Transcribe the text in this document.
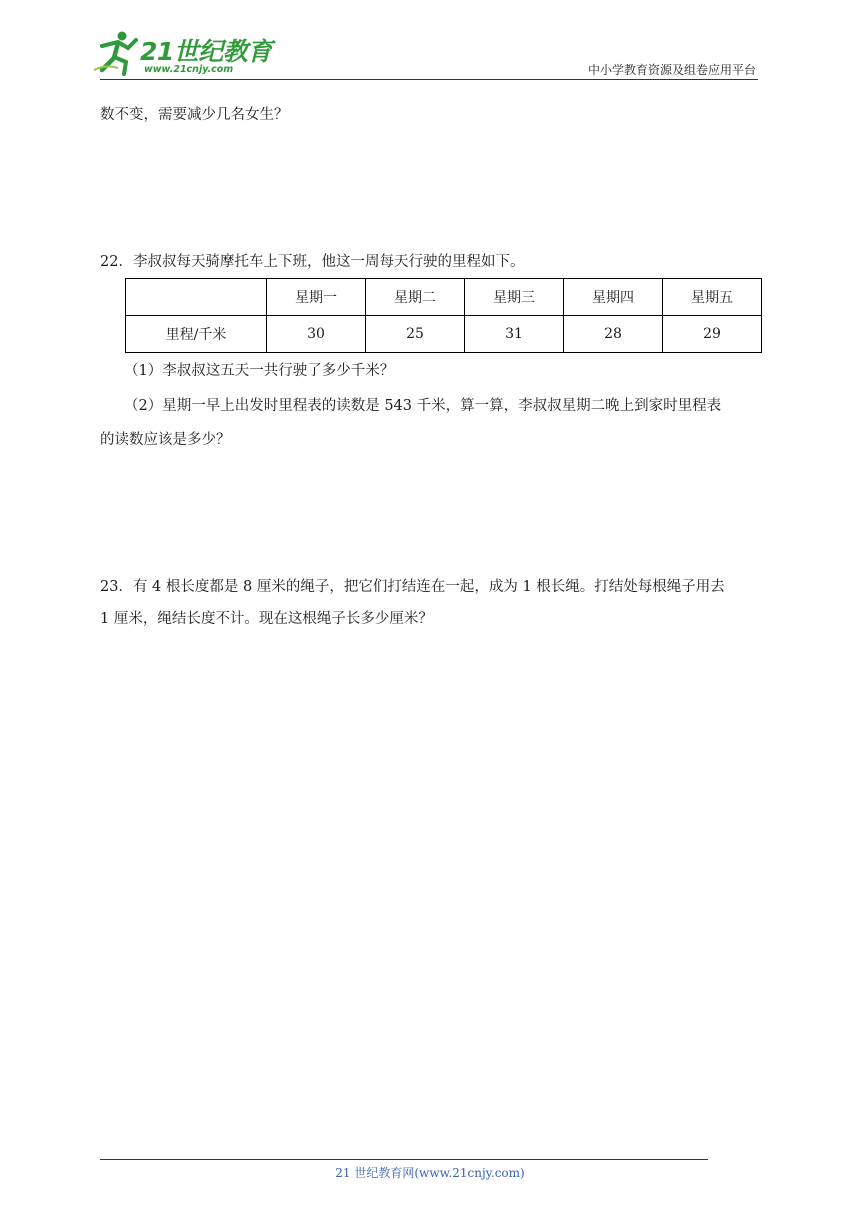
21世纪教育
www.21cnjy.com	中小学教育资源及组卷应用平台
数不变，需要减少几名女生？
22．李叔叔每天骑摩托车上下班，他这一周每天行驶的里程如下。
	星期一	星期二	星期三	星期四	星期五
里程/千米	30	25	31	28	29
（1）李叔叔这五天一共行驶了多少千米？
（2）星期一早上出发时里程表的读数是 543 千米，算一算，李叔叔星期二晚上到家时里程表
的读数应该是多少？
23．有 4 根长度都是 8 厘米的绳子，把它们打结连在一起，成为 1 根长绳。打结处每根绳子用去
1 厘米，绳结长度不计。现在这根绳子长多少厘米？
21 世纪教育网(www.21cnjy.com)
